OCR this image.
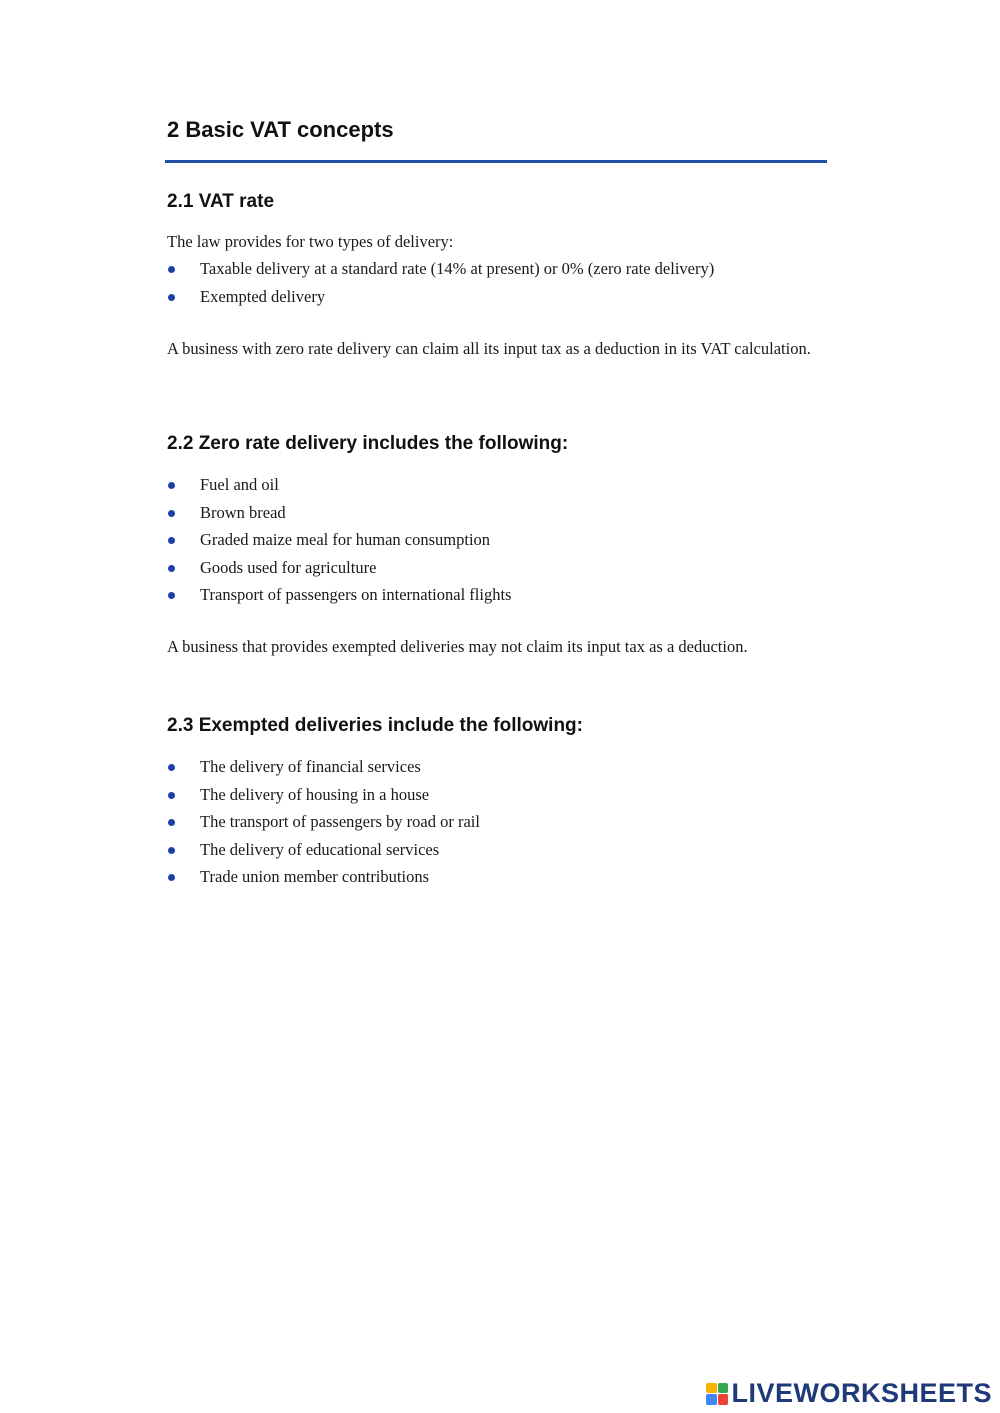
2 Basic VAT concepts
2.1 VAT rate

The law provides for two types of delivery:

Taxable delivery at a standard rate (14% at present) or 0% (zero rate delivery)
Exempted delivery

A business with zero rate delivery can claim all its input tax as a deduction in its VAT calculation.

2.2 Zero rate delivery includes the following:
Fuel and oil
Brown bread
Graded maize meal for human consumption
Goods used for agriculture
Transport of passengers on international flights

A business that provides exempted deliveries may not claim its input tax as a deduction.

2.3 Exempted deliveries include the following:
The delivery of financial services
The delivery of housing in a house
The transport of passengers by road or rail
The delivery of educational services
Trade union member contributions
LIVEWORKSHEETS
